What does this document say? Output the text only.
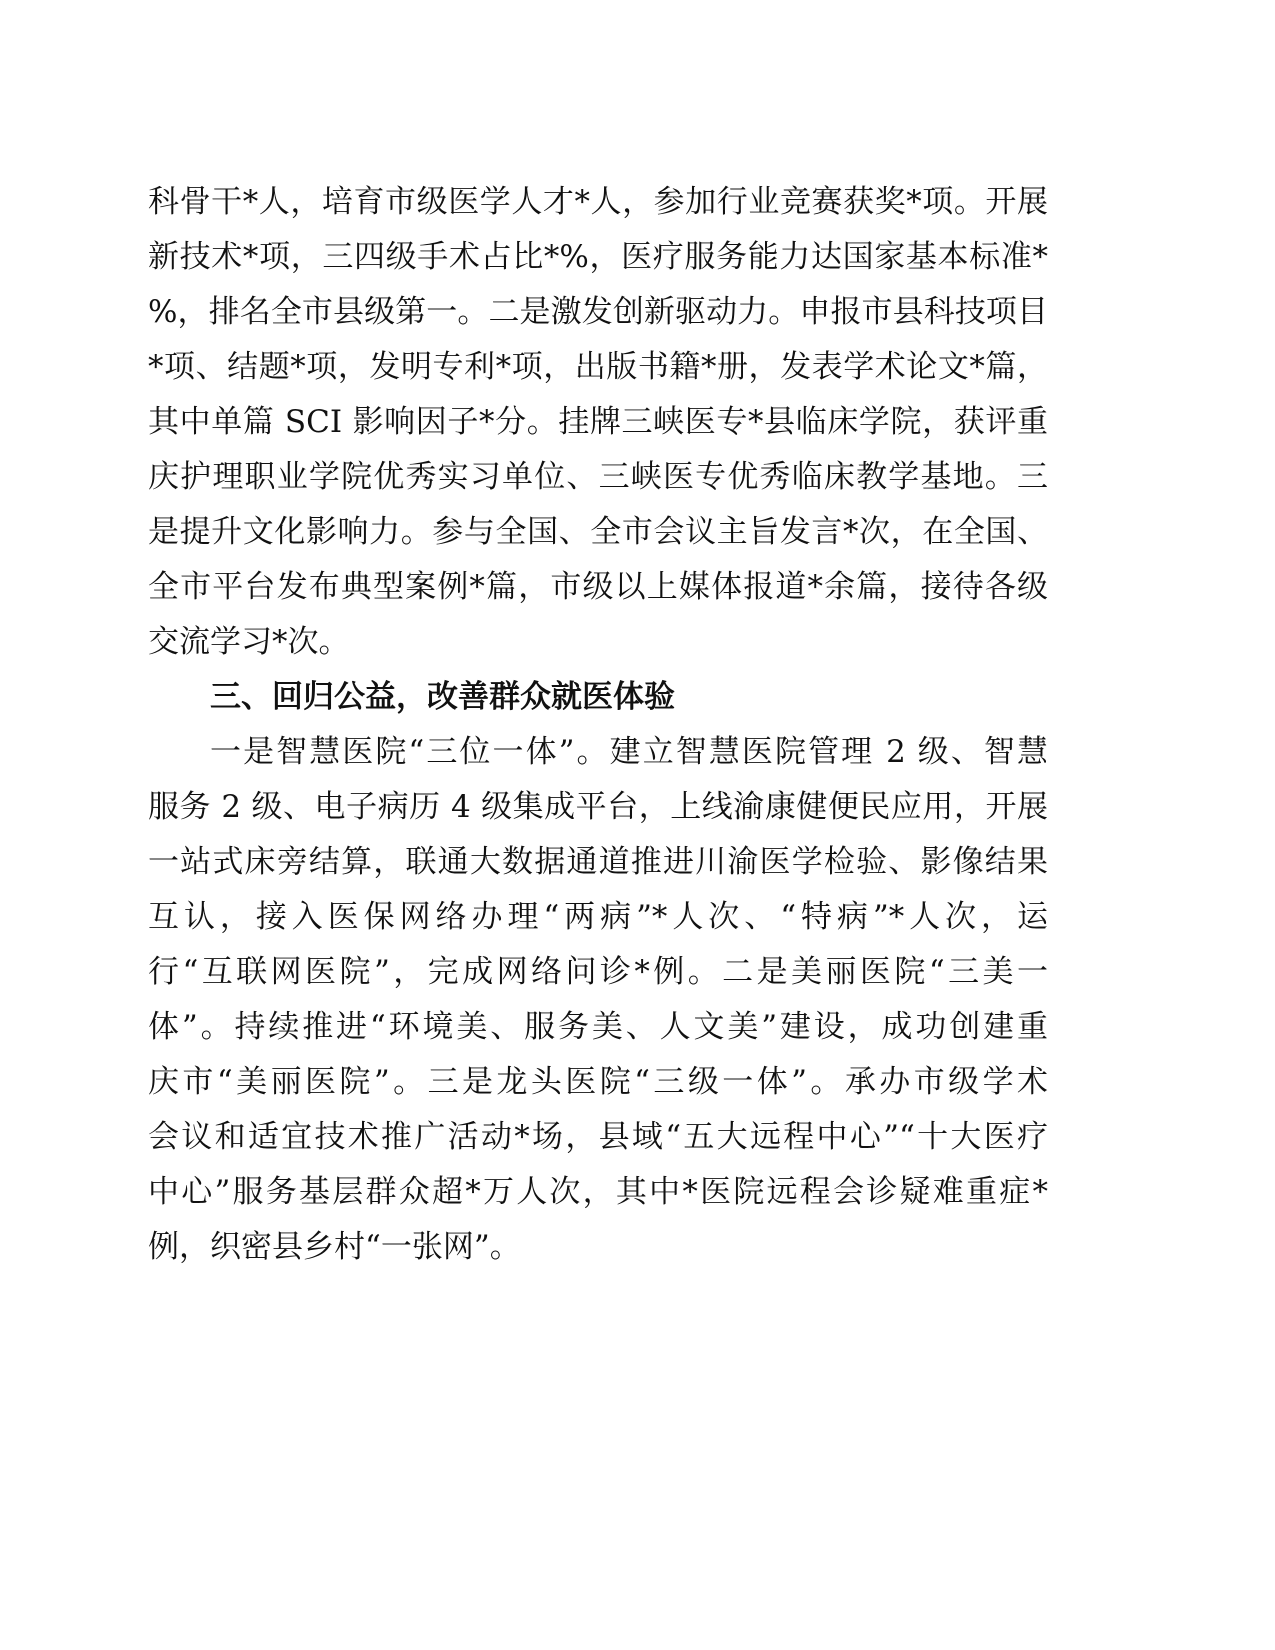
科骨干*人，培育市级医学人才*人，参加行业竞赛获奖*项。开展
新技术*项，三四级手术占比*%，医疗服务能力达国家基本标准*
%，排名全市县级第一。二是激发创新驱动力。申报市县科技项目
*项、结题*项，发明专利*项，出版书籍*册，发表学术论文*篇，
其中单篇 SCI 影响因子*分。挂牌三峡医专*县临床学院，获评重
庆护理职业学院优秀实习单位、三峡医专优秀临床教学基地。三
是提升文化影响力。参与全国、全市会议主旨发言*次，在全国、
全市平台发布典型案例*篇，市级以上媒体报道*余篇，接待各级
交流学习*次。
三、回归公益，改善群众就医体验
一是智慧医院“三位一体”。建立智慧医院管理 2 级、智慧
服务 2 级、电子病历 4 级集成平台，上线渝康健便民应用，开展
一站式床旁结算，联通大数据通道推进川渝医学检验、影像结果
互认，接入医保网络办理“两病”*人次、“特病”*人次，运
行“互联网医院”，完成网络问诊*例。二是美丽医院“三美一
体”。持续推进“环境美、服务美、人文美”建设，成功创建重
庆市“美丽医院”。三是龙头医院“三级一体”。承办市级学术
会议和适宜技术推广活动*场，县域“五大远程中心”“十大医疗
中心”服务基层群众超*万人次，其中*医院远程会诊疑难重症*
例，织密县乡村“一张网”。
